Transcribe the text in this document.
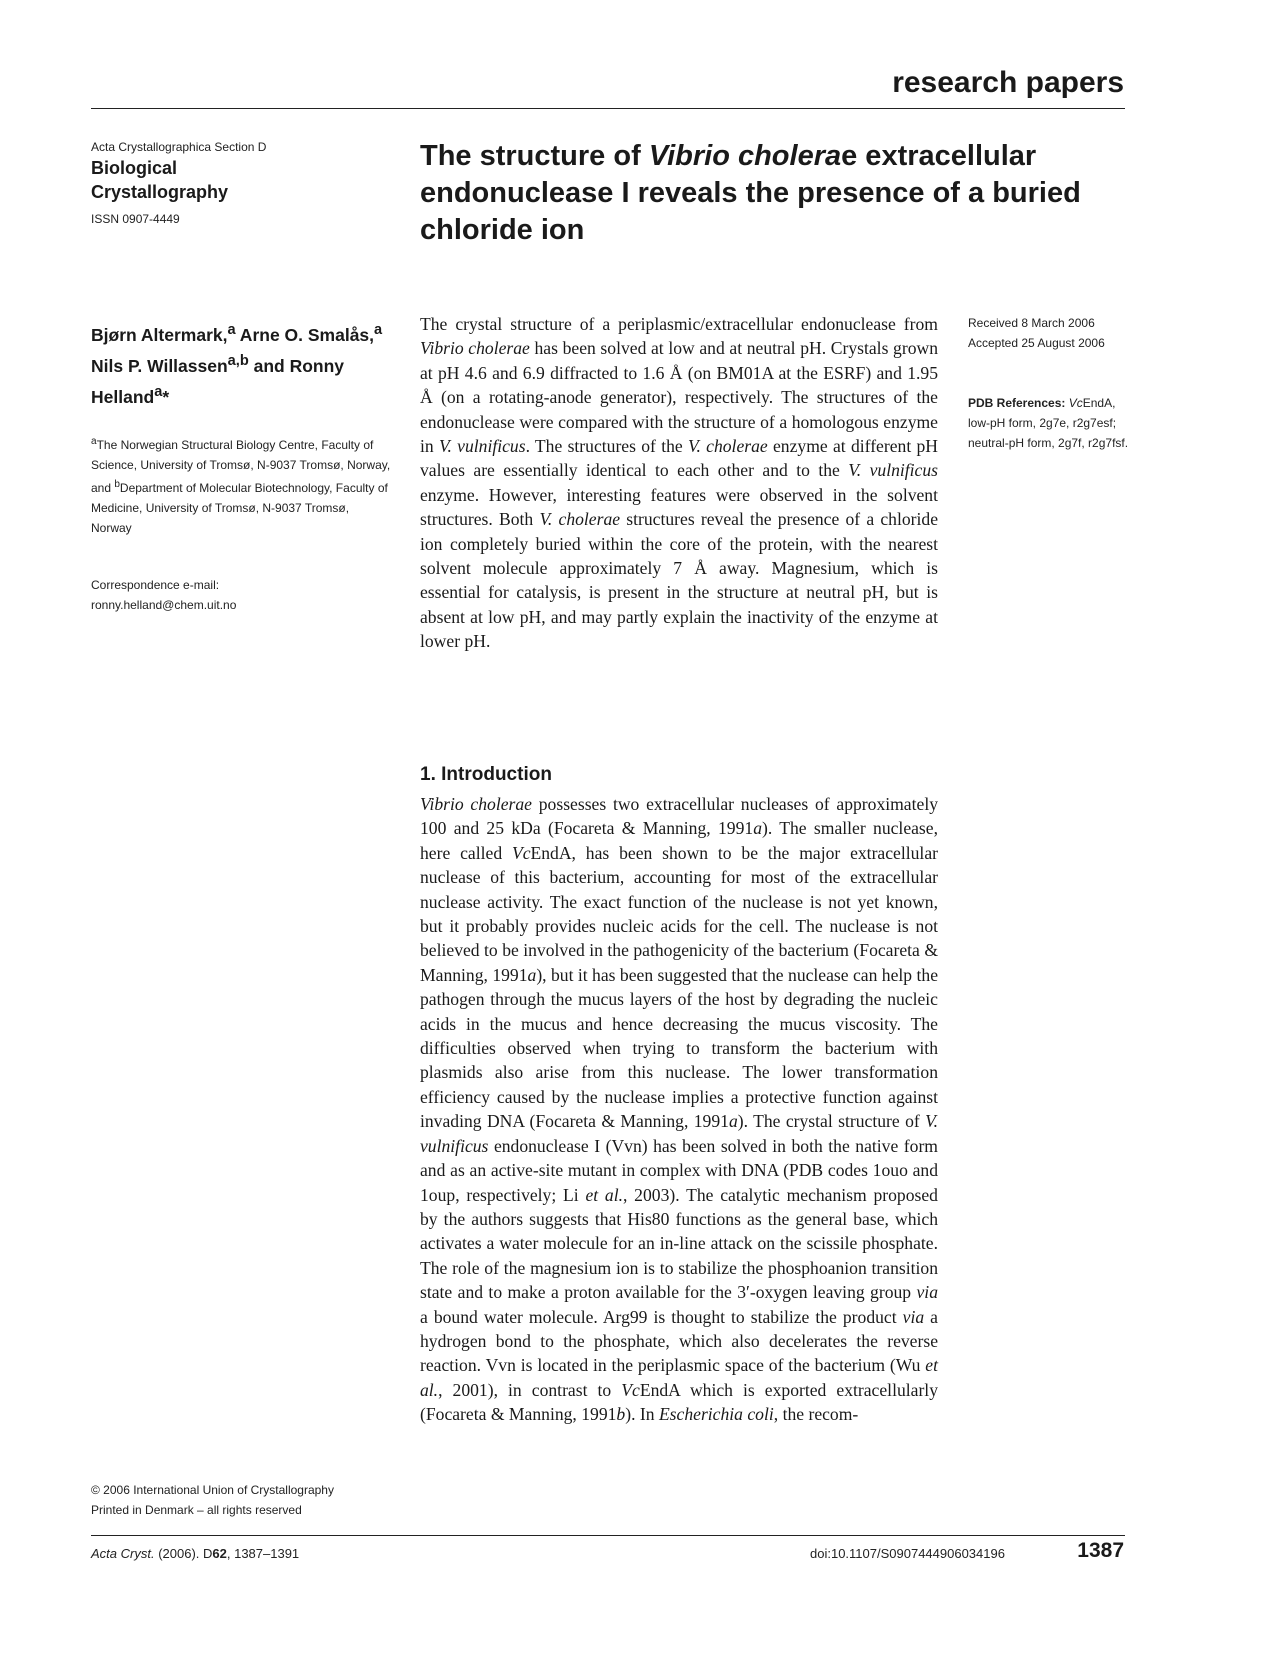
research papers
Acta Crystallographica Section D
Biological
Crystallography
ISSN 0907-4449
The structure of Vibrio cholerae extracellular endonuclease I reveals the presence of a buried chloride ion
Bjørn Altermark,$^a$ Arne O. Smalås,$^a$ Nils P. Willassen$^{a,b}$ and Ronny Helland$^a$*
$^a$The Norwegian Structural Biology Centre, Faculty of Science, University of Tromsø, N-9037 Tromsø, Norway, and $^b$Department of Molecular Biotechnology, Faculty of Medicine, University of Tromsø, N-9037 Tromsø, Norway
Correspondence e-mail:
ronny.helland@chem.uit.no
The crystal structure of a periplasmic/extracellular endonuclease from Vibrio cholerae has been solved at low and at neutral pH. Crystals grown at pH 4.6 and 6.9 diffracted to 1.6 Å (on BM01A at the ESRF) and 1.95 Å (on a rotating-anode generator), respectively. The structures of the endonuclease were compared with the structure of a homologous enzyme in V. vulnificus. The structures of the V. cholerae enzyme at different pH values are essentially identical to each other and to the V. vulnificus enzyme. However, interesting features were observed in the solvent structures. Both V. cholerae structures reveal the presence of a chloride ion completely buried within the core of the protein, with the nearest solvent molecule approximately 7 Å away. Magnesium, which is essential for catalysis, is present in the structure at neutral pH, but is absent at low pH, and may partly explain the inactivity of the enzyme at lower pH.
Received 8 March 2006
Accepted 25 August 2006
PDB References: VcEndA, low-pH form, 2g7e, r2g7esf; neutral-pH form, 2g7f, r2g7fsf.
1. Introduction
Vibrio cholerae possesses two extracellular nucleases of approximately 100 and 25 kDa (Focareta & Manning, 1991a). The smaller nuclease, here called VcEndA, has been shown to be the major extracellular nuclease of this bacterium, accounting for most of the extracellular nuclease activity. The exact function of the nuclease is not yet known, but it probably provides nucleic acids for the cell. The nuclease is not believed to be involved in the pathogenicity of the bacterium (Focareta & Manning, 1991a), but it has been suggested that the nuclease can help the pathogen through the mucus layers of the host by degrading the nucleic acids in the mucus and hence decreasing the mucus viscosity. The difficulties observed when trying to transform the bacterium with plasmids also arise from this nuclease. The lower transformation efficiency caused by the nuclease implies a protective function against invading DNA (Focareta & Manning, 1991a). The crystal structure of V. vulnificus endonuclease I (Vvn) has been solved in both the native form and as an active-site mutant in complex with DNA (PDB codes 1ouo and 1oup, respectively; Li et al., 2003). The catalytic mechanism proposed by the authors suggests that His80 functions as the general base, which activates a water molecule for an in-line attack on the scissile phosphate. The role of the magnesium ion is to stabilize the phosphoanion transition state and to make a proton available for the 3′-oxygen leaving group via a bound water molecule. Arg99 is thought to stabilize the product via a hydrogen bond to the phosphate, which also decelerates the reverse reaction. Vvn is located in the periplasmic space of the bacterium (Wu et al., 2001), in contrast to VcEndA which is exported extracellularly (Focareta & Manning, 1991b). In Escherichia coli, the recom-
© 2006 International Union of Crystallography
Printed in Denmark – all rights reserved
Acta Cryst. (2006). D62, 1387–1391	doi:10.1107/S0907444906034196	1387
